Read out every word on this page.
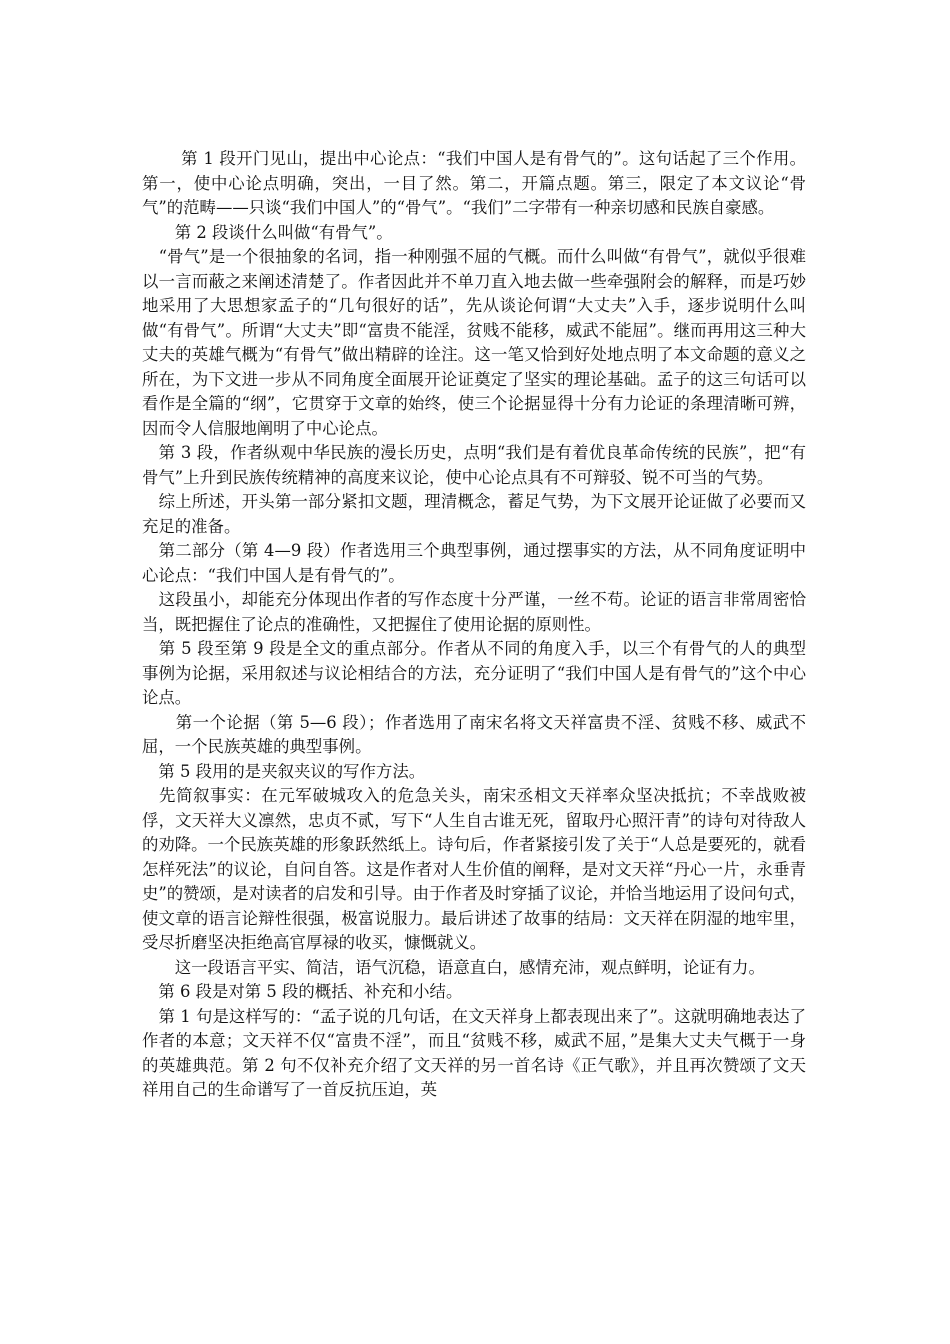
　　 第 1 段开门见山，提出中心论点：“我们中国人是有骨气的”。这句话起了三个作用。第一，使中心论点明确，突出，一目了然。第二，开篇点题。第三，限定了本文议论“骨气”的范畴——只谈“我们中国人”的“骨气”。“我们”二字带有一种亲切感和民族自豪感。

　　第 2 段谈什么叫做“有骨气”。

　“骨气”是一个很抽象的名词，指一种刚强不屈的气概。而什么叫做“有骨气”，就似乎很难以一言而蔽之来阐述清楚了。作者因此并不单刀直入地去做一些牵强附会的解释，而是巧妙地采用了大思想家孟子的“几句很好的话”，先从谈论何谓“大丈夫”入手，逐步说明什么叫做“有骨气”。所谓“大丈夫”即“富贵不能淫，贫贱不能移，威武不能屈”。继而再用这三种大丈夫的英雄气概为“有骨气”做出精辟的诠注。这一笔又恰到好处地点明了本文命题的意义之所在，为下文进一步从不同角度全面展开论证奠定了坚实的理论基础。孟子的这三句话可以看作是全篇的“纲”，它贯穿于文章的始终，使三个论据显得十分有力论证的条理清晰可辨，因而令人信服地阐明了中心论点。

　第 3 段，作者纵观中华民族的漫长历史，点明“我们是有着优良革命传统的民族”，把“有骨气”上升到民族传统精神的高度来议论，使中心论点具有不可辩驳、锐不可当的气势。

　综上所述，开头第一部分紧扣文题，理清概念，蓄足气势，为下文展开论证做了必要而又充足的准备。

　第二部分（第 4—9 段）作者选用三个典型事例，通过摆事实的方法，从不同角度证明中心论点：“我们中国人是有骨气的”。

　这段虽小，却能充分体现出作者的写作态度十分严谨，一丝不苟。论证的语言非常周密恰当，既把握住了论点的准确性，又把握住了使用论据的原则性。

　第 5 段至第 9 段是全文的重点部分。作者从不同的角度入手，以三个有骨气的人的典型事例为论据，采用叙述与议论相结合的方法，充分证明了“我们中国人是有骨气的”这个中心论点。

　　第一个论据（第 5—6 段）；作者选用了南宋名将文天祥富贵不淫、贫贱不移、威武不屈，一个民族英雄的典型事例。

　第 5 段用的是夹叙夹议的写作方法。

　先简叙事实：在元军破城攻入的危急关头，南宋丞相文天祥率众坚决抵抗；不幸战败被俘，文天祥大义凛然，忠贞不贰，写下“人生自古谁无死，留取丹心照汗青”的诗句对待敌人的劝降。一个民族英雄的形象跃然纸上。诗句后，作者紧接引发了关于“人总是要死的，就看怎样死法”的议论，自问自答。这是作者对人生价值的阐释，是对文天祥“丹心一片，永垂青史”的赞颂，是对读者的启发和引导。由于作者及时穿插了议论，并恰当地运用了设问句式，使文章的语言论辩性很强，极富说服力。最后讲述了故事的结局：文天祥在阴湿的地牢里，受尽折磨坚决拒绝高官厚禄的收买，慷慨就义。

　　这一段语言平实、简洁，语气沉稳，语意直白，感情充沛，观点鲜明，论证有力。

　第 6 段是对第 5 段的概括、补充和小结。

　第 1 句是这样写的：“孟子说的几句话，在文天祥身上都表现出来了”。这就明确地表达了作者的本意；文天祥不仅“富贵不淫”，而且“贫贱不移，威武不屈，”是集大丈夫气概于一身的英雄典范。第 2 句不仅补充介绍了文天祥的另一首名诗《正气歌》，并且再次赞颂了文天祥用自己的生命谱写了一首反抗压迫，英
